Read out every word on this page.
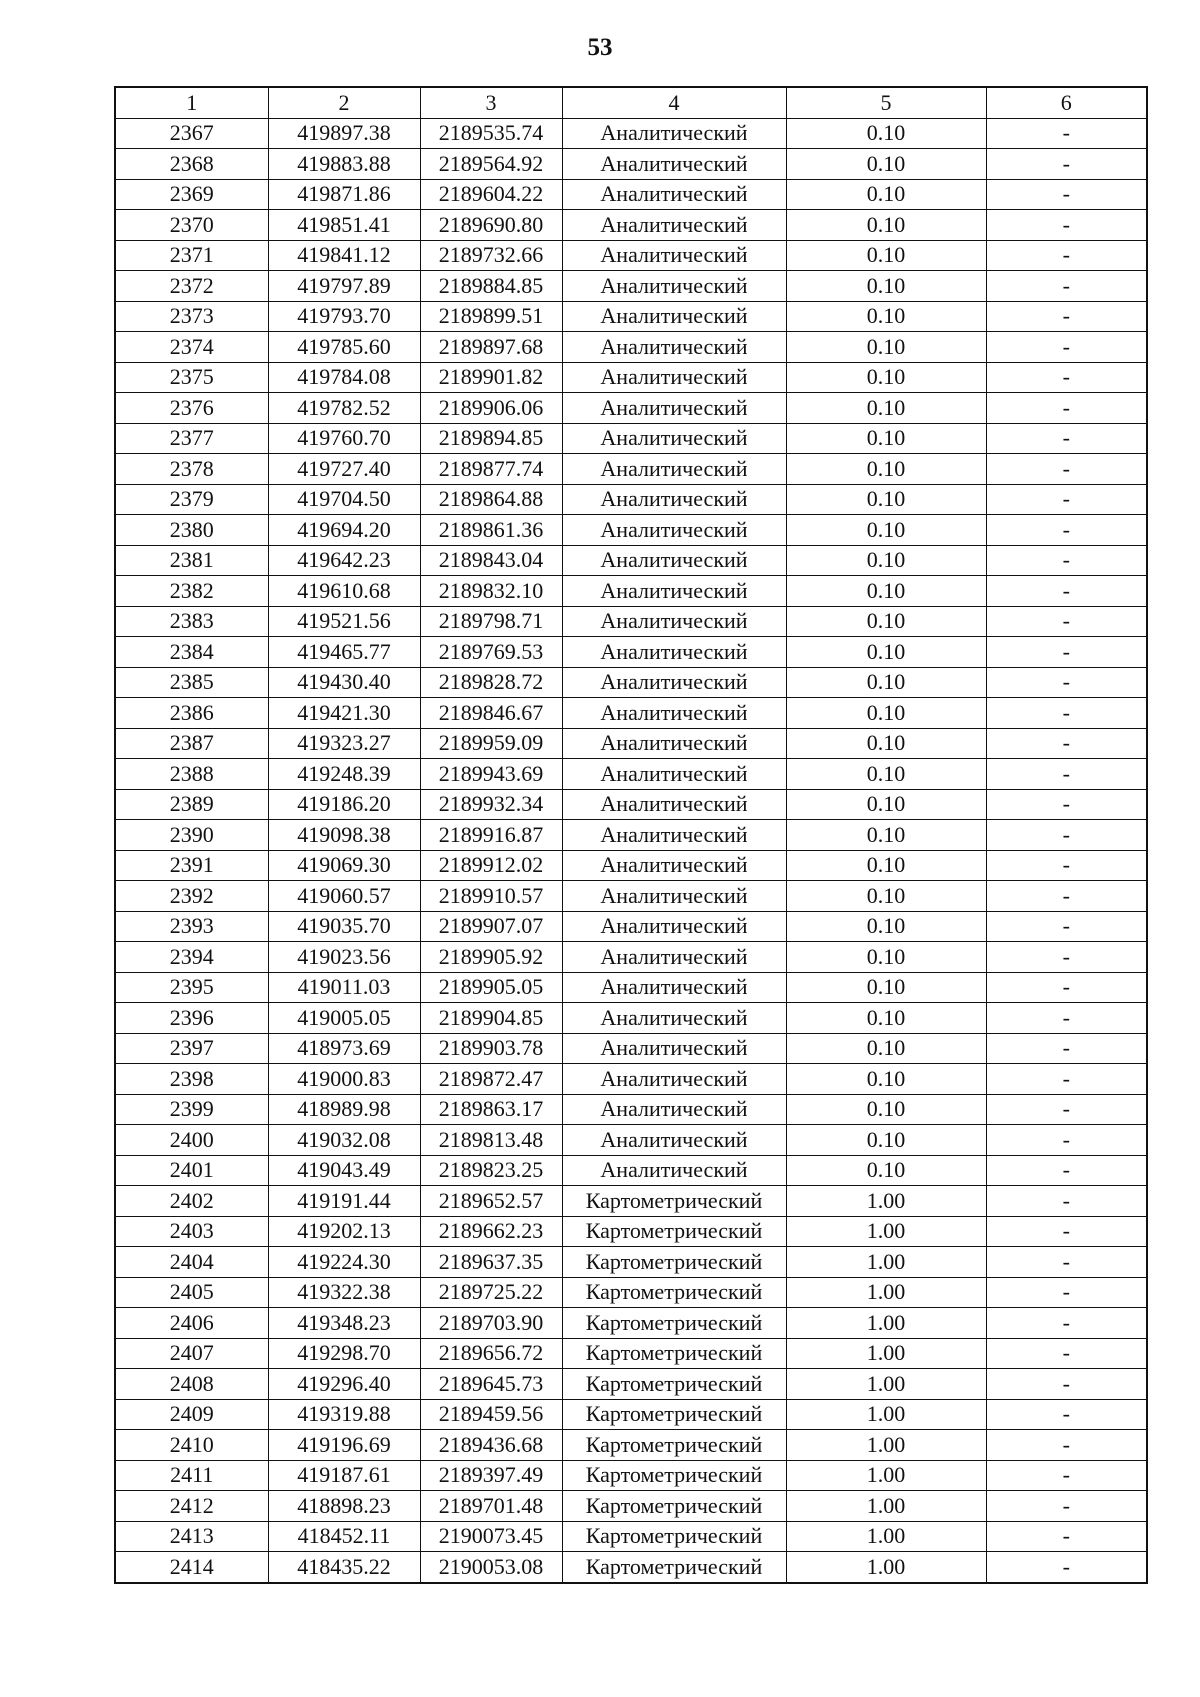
53
1	2	3	4	5	6
2367	419897.38	2189535.74	Аналитический	0.10	-
2368	419883.88	2189564.92	Аналитический	0.10	-
2369	419871.86	2189604.22	Аналитический	0.10	-
2370	419851.41	2189690.80	Аналитический	0.10	-
2371	419841.12	2189732.66	Аналитический	0.10	-
2372	419797.89	2189884.85	Аналитический	0.10	-
2373	419793.70	2189899.51	Аналитический	0.10	-
2374	419785.60	2189897.68	Аналитический	0.10	-
2375	419784.08	2189901.82	Аналитический	0.10	-
2376	419782.52	2189906.06	Аналитический	0.10	-
2377	419760.70	2189894.85	Аналитический	0.10	-
2378	419727.40	2189877.74	Аналитический	0.10	-
2379	419704.50	2189864.88	Аналитический	0.10	-
2380	419694.20	2189861.36	Аналитический	0.10	-
2381	419642.23	2189843.04	Аналитический	0.10	-
2382	419610.68	2189832.10	Аналитический	0.10	-
2383	419521.56	2189798.71	Аналитический	0.10	-
2384	419465.77	2189769.53	Аналитический	0.10	-
2385	419430.40	2189828.72	Аналитический	0.10	-
2386	419421.30	2189846.67	Аналитический	0.10	-
2387	419323.27	2189959.09	Аналитический	0.10	-
2388	419248.39	2189943.69	Аналитический	0.10	-
2389	419186.20	2189932.34	Аналитический	0.10	-
2390	419098.38	2189916.87	Аналитический	0.10	-
2391	419069.30	2189912.02	Аналитический	0.10	-
2392	419060.57	2189910.57	Аналитический	0.10	-
2393	419035.70	2189907.07	Аналитический	0.10	-
2394	419023.56	2189905.92	Аналитический	0.10	-
2395	419011.03	2189905.05	Аналитический	0.10	-
2396	419005.05	2189904.85	Аналитический	0.10	-
2397	418973.69	2189903.78	Аналитический	0.10	-
2398	419000.83	2189872.47	Аналитический	0.10	-
2399	418989.98	2189863.17	Аналитический	0.10	-
2400	419032.08	2189813.48	Аналитический	0.10	-
2401	419043.49	2189823.25	Аналитический	0.10	-
2402	419191.44	2189652.57	Картометрический	1.00	-
2403	419202.13	2189662.23	Картометрический	1.00	-
2404	419224.30	2189637.35	Картометрический	1.00	-
2405	419322.38	2189725.22	Картометрический	1.00	-
2406	419348.23	2189703.90	Картометрический	1.00	-
2407	419298.70	2189656.72	Картометрический	1.00	-
2408	419296.40	2189645.73	Картометрический	1.00	-
2409	419319.88	2189459.56	Картометрический	1.00	-
2410	419196.69	2189436.68	Картометрический	1.00	-
2411	419187.61	2189397.49	Картометрический	1.00	-
2412	418898.23	2189701.48	Картометрический	1.00	-
2413	418452.11	2190073.45	Картометрический	1.00	-
2414	418435.22	2190053.08	Картометрический	1.00	-
